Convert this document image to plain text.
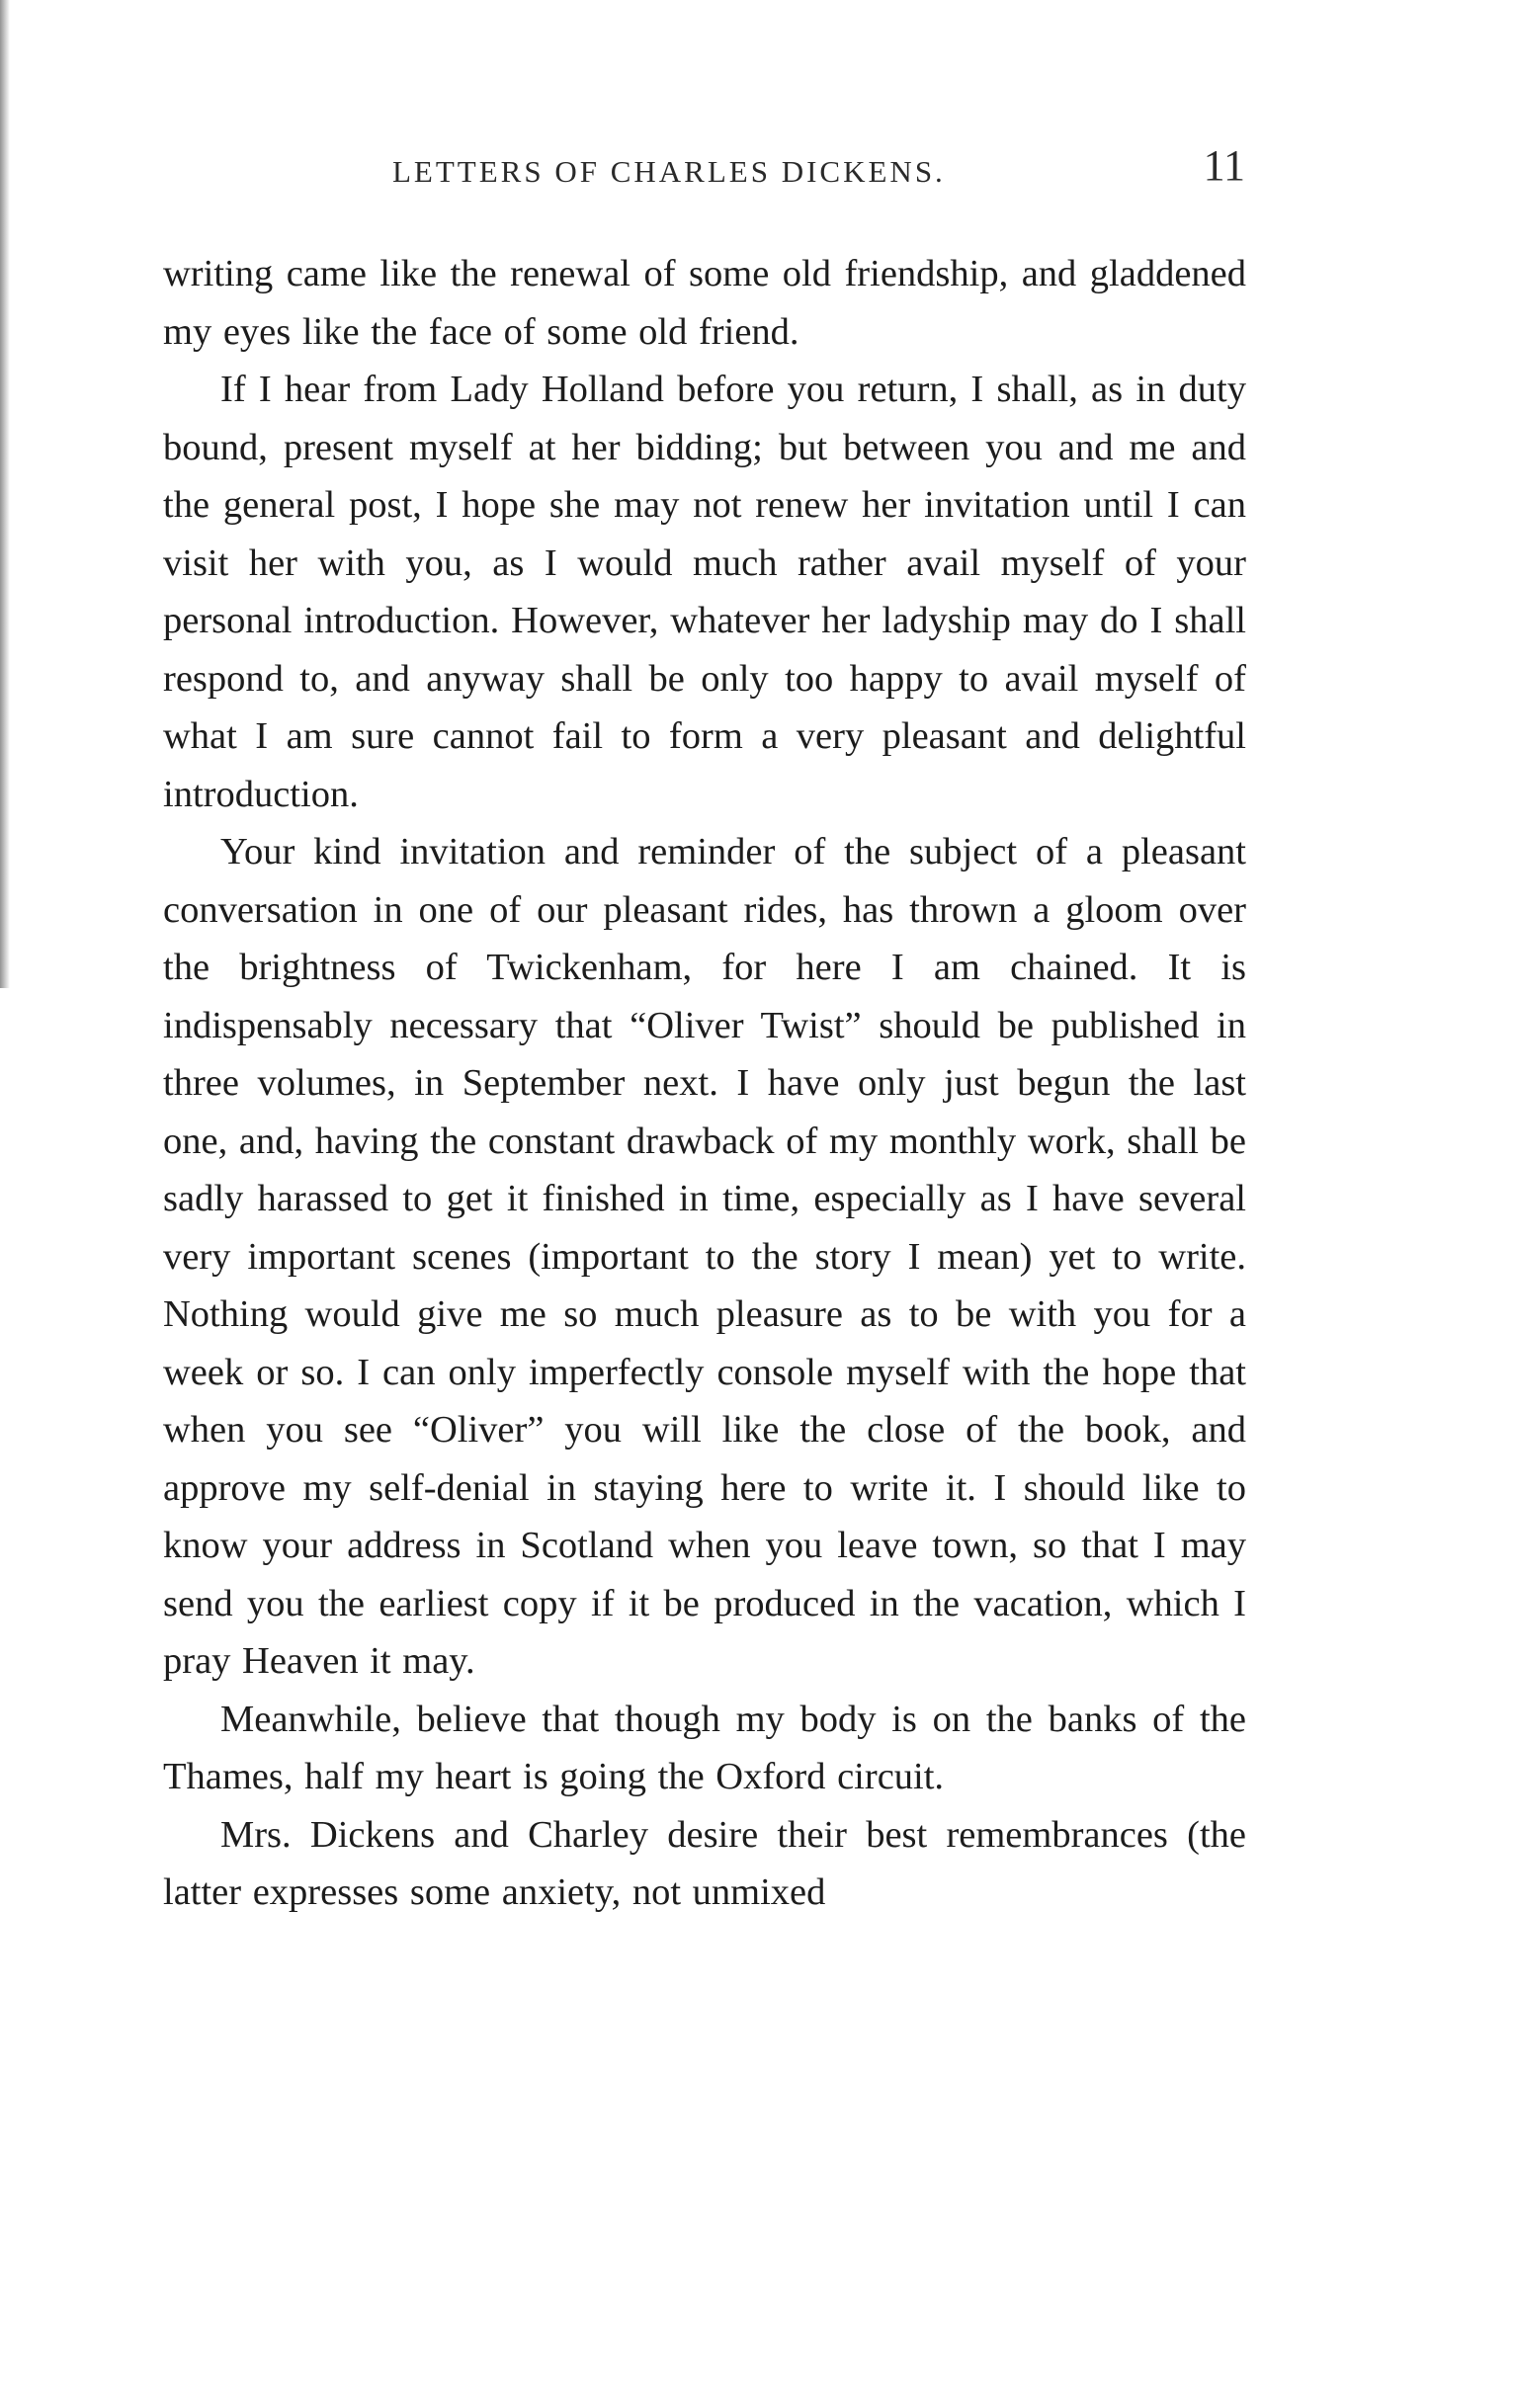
LETTERS OF CHARLES DICKENS.	11

writing came like the renewal of some old friendship, and gladdened my eyes like the face of some old friend.

If I hear from Lady Holland before you return, I shall, as in duty bound, present myself at her bidding; but between you and me and the general post, I hope she may not renew her invitation until I can visit her with you, as I would much rather avail myself of your personal introduction. However, whatever her ladyship may do I shall respond to, and anyway shall be only too happy to avail myself of what I am sure cannot fail to form a very pleasant and delightful introduction.

Your kind invitation and reminder of the subject of a pleasant conversation in one of our pleasant rides, has thrown a gloom over the brightness of Twickenham, for here I am chained. It is indispensably necessary that “Oliver Twist” should be published in three volumes, in September next. I have only just begun the last one, and, having the constant drawback of my monthly work, shall be sadly harassed to get it finished in time, especially as I have several very important scenes (important to the story I mean) yet to write. Nothing would give me so much pleasure as to be with you for a week or so. I can only imperfectly console myself with the hope that when you see “Oliver” you will like the close of the book, and approve my self-denial in staying here to write it. I should like to know your address in Scotland when you leave town, so that I may send you the earliest copy if it be produced in the vacation, which I pray Heaven it may.

Meanwhile, believe that though my body is on the banks of the Thames, half my heart is going the Oxford circuit.

Mrs. Dickens and Charley desire their best remembrances (the latter expresses some anxiety, not unmixed
